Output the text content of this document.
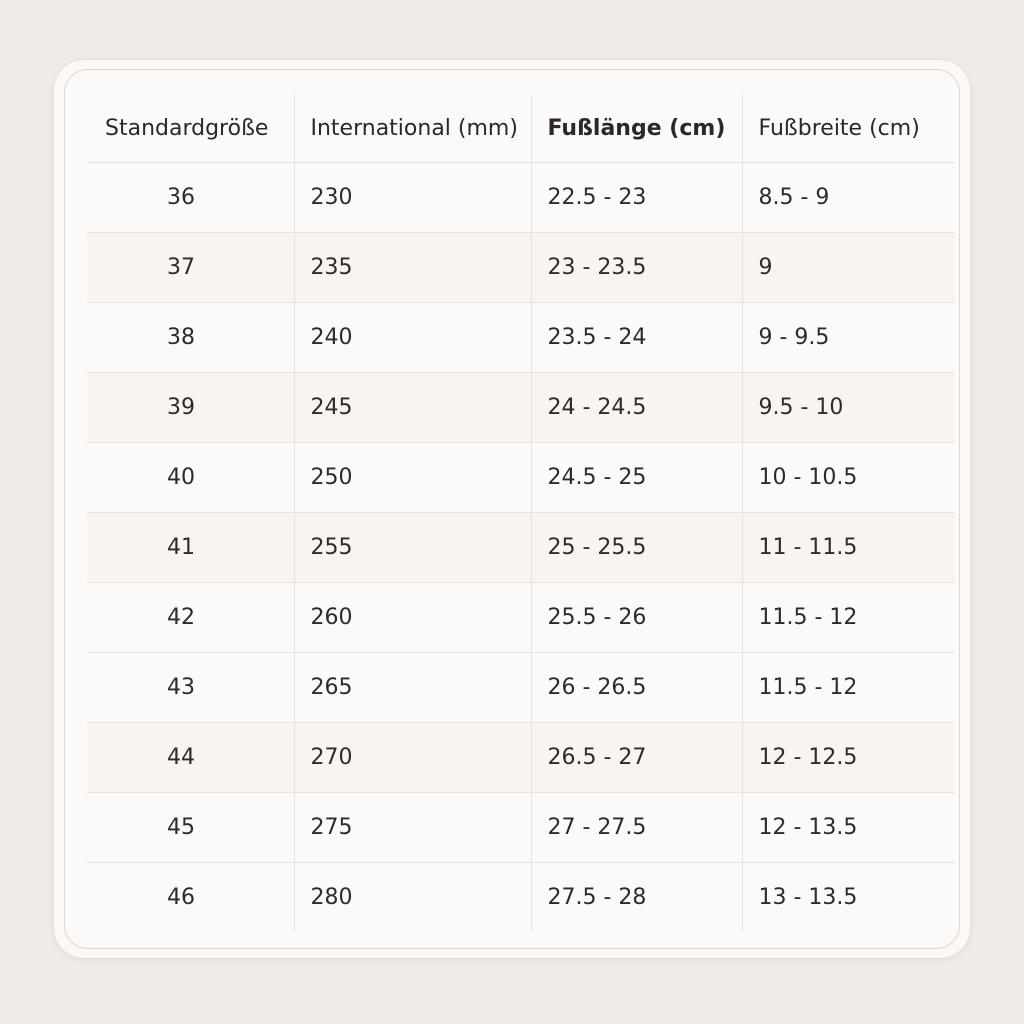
Standardgröße	International (mm)	Fußlänge (cm)	Fußbreite (cm)
36	230	22.5 - 23	8.5 - 9
37	235	23 - 23.5	9
38	240	23.5 - 24	9 - 9.5
39	245	24 - 24.5	9.5 - 10
40	250	24.5 - 25	10 - 10.5
41	255	25 - 25.5	11 - 11.5
42	260	25.5 - 26	11.5 - 12
43	265	26 - 26.5	11.5 - 12
44	270	26.5 - 27	12 - 12.5
45	275	27 - 27.5	12 - 13.5
46	280	27.5 - 28	13 - 13.5
